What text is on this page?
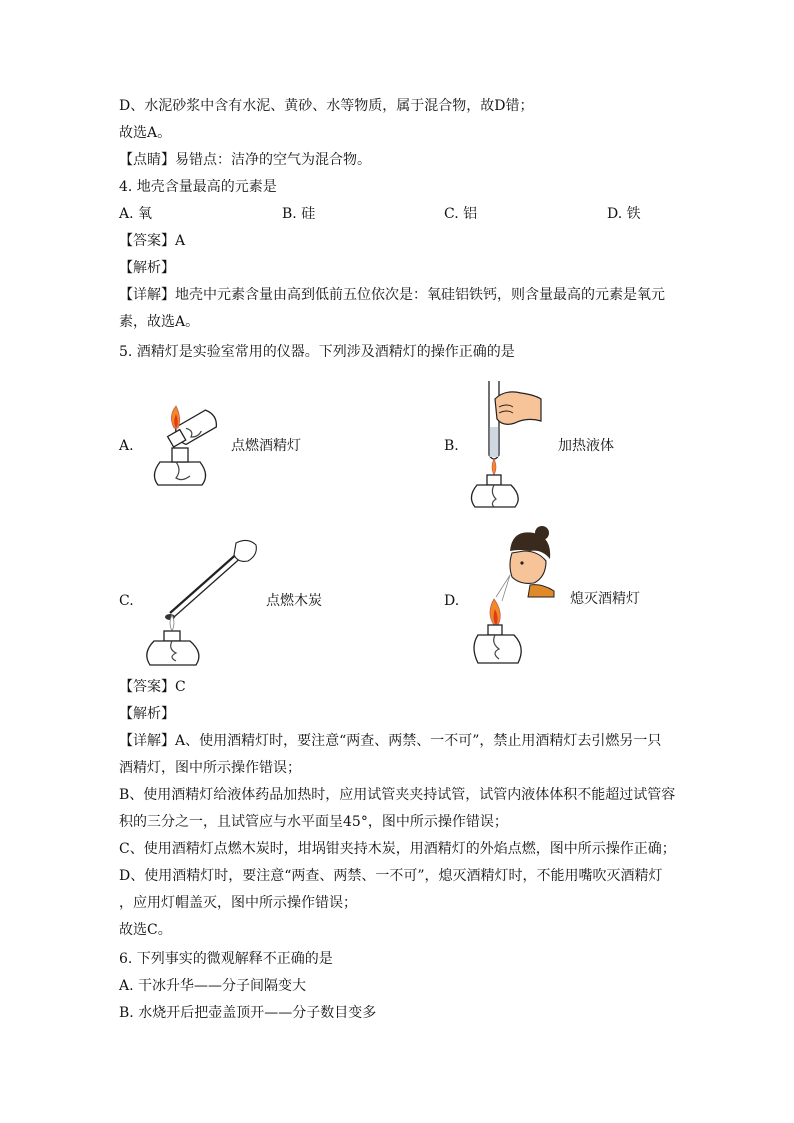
D、水泥砂浆中含有水泥、黄砂、水等物质，属于混合物，故D错；
故选A。
【点睛】易错点：洁净的空气为混合物。
4. 地壳含量最高的元素是
A. 氧	B. 硅	C. 铝	D. 铁
【答案】A
【解析】
【详解】地壳中元素含量由高到低前五位依次是：氧硅铝铁钙，则含量最高的元素是氧元
素，故选A。
5. 酒精灯是实验室常用的仪器。下列涉及酒精灯的操作正确的是
A.	点燃酒精灯	B.	加热液体
C.	点燃木炭	D.	熄灭酒精灯
【答案】C
【解析】
【详解】A、使用酒精灯时，要注意“两查、两禁、一不可”，禁止用酒精灯去引燃另一只
酒精灯，图中所示操作错误；
B、使用酒精灯给液体药品加热时，应用试管夹夹持试管，试管内液体体积不能超过试管容
积的三分之一，且试管应与水平面呈45°，图中所示操作错误；
C、使用酒精灯点燃木炭时，坩埚钳夹持木炭，用酒精灯的外焰点燃，图中所示操作正确；
D、使用酒精灯时，要注意“两查、两禁、一不可”，熄灭酒精灯时，不能用嘴吹灭酒精灯
，应用灯帽盖灭，图中所示操作错误；
故选C。
6. 下列事实的微观解释不正确的是
A. 干冰升华——分子间隔变大
B. 水烧开后把壶盖顶开——分子数目变多
